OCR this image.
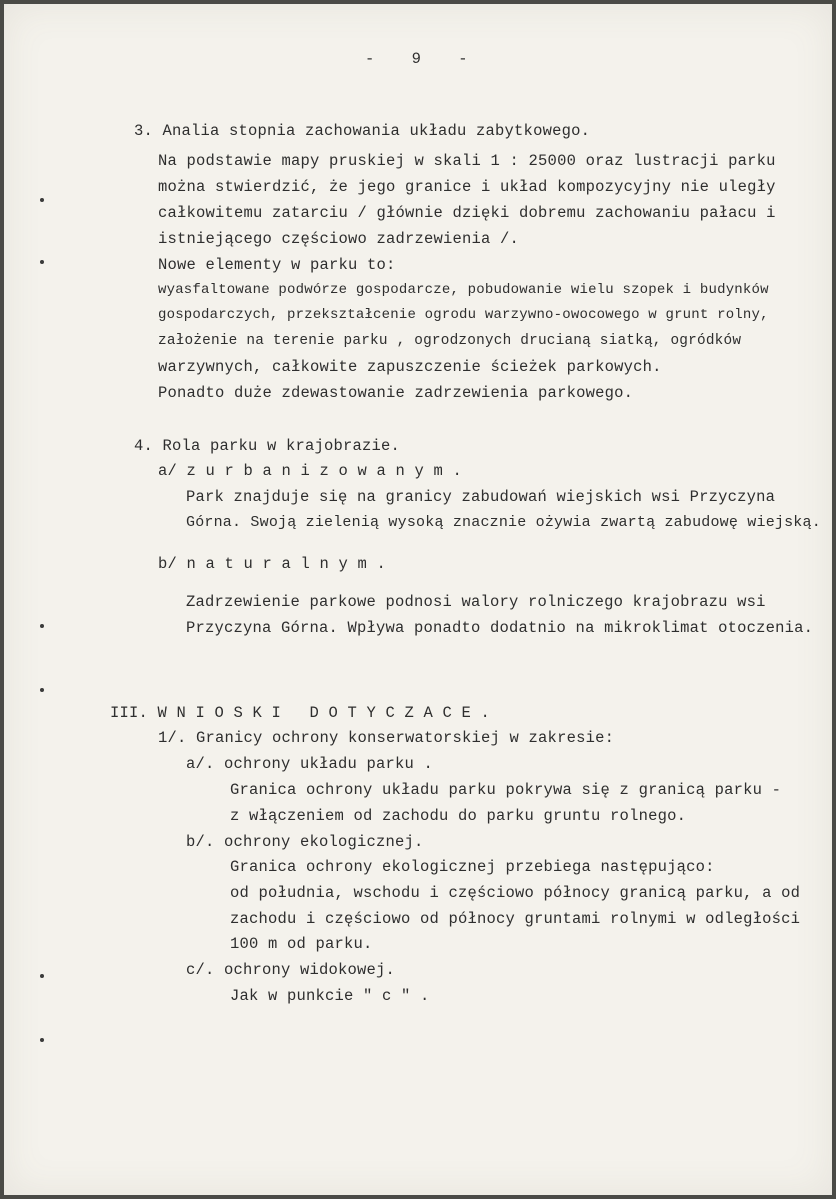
- 9 -
3. Analia stopnia zachowania układu zabytkowego.
Na podstawie mapy pruskiej w skali 1 : 25000 oraz lustracji parku
można stwierdzić, że jego granice i układ kompozycyjny nie uległy
całkowitemu zatarciu / głównie dzięki dobremu zachowaniu pałacu i
istniejącego częściowo zadrzewienia /.
Nowe elementy w parku to:
wyasfaltowane podwórze gospodarcze, pobudowanie wielu szopek i budynków
gospodarczych, przekształcenie ogrodu warzywno-owocowego w grunt rolny,
założenie na terenie parku , ogrodzonych drucianą siatką, ogródków
warzywnych, całkowite zapuszczenie ścieżek parkowych.
Ponadto duże zdewastowanie zadrzewienia parkowego.
4. Rola parku w krajobrazie.
a/ z u r b a n i z o w a n y m .
Park znajduje się na granicy zabudowań wiejskich wsi Przyczyna
Górna. Swoją zielenią wysoką znacznie ożywia zwartą zabudowę wiejską.
b/ n a t u r a l n y m .
Zadrzewienie parkowe podnosi walory rolniczego krajobrazu wsi
Przyczyna Górna. Wpływa ponadto dodatnio na mikroklimat otoczenia.
III. W N I O S K I   D O T Y C Z A C E .
1/. Granicy ochrony konserwatorskiej w zakresie:
a/. ochrony układu parku .
Granica ochrony układu parku pokrywa się z granicą parku -
z włączeniem od zachodu do parku gruntu rolnego.
b/. ochrony ekologicznej.
Granica ochrony ekologicznej przebiega następująco:
od południa, wschodu i częściowo północy granicą parku, a od
zachodu i częściowo od północy gruntami rolnymi w odległości
100 m od parku.
c/. ochrony widokowej.
Jak w punkcie " c " .
